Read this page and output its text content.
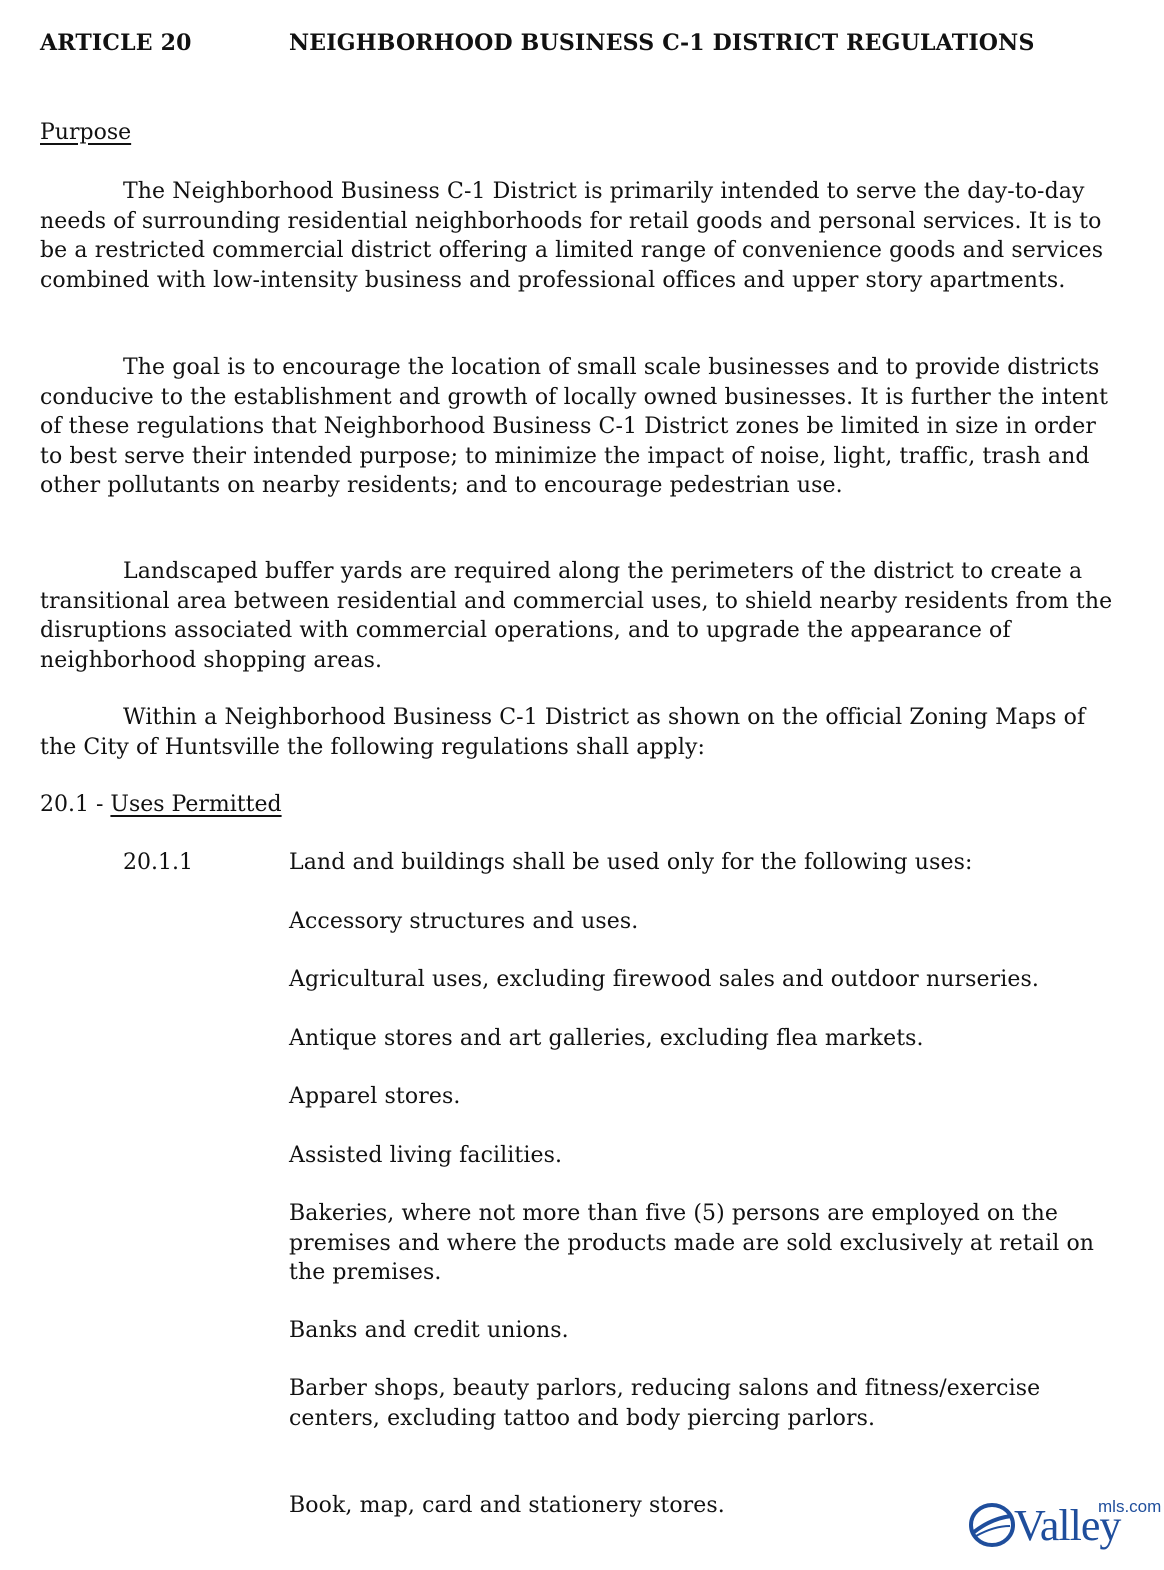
ARTICLE 20	NEIGHBORHOOD BUSINESS C-1 DISTRICT REGULATIONS
Purpose

The Neighborhood Business C-1 District is primarily intended to serve the day-to-day needs of surrounding residential neighborhoods for retail goods and personal services. It is to be a restricted commercial district offering a limited range of convenience goods and services combined with low-intensity business and professional offices and upper story apartments.

The goal is to encourage the location of small scale businesses and to provide districts conducive to the establishment and growth of locally owned businesses. It is further the intent of these regulations that Neighborhood Business C-1 District zones be limited in size in order to best serve their intended purpose; to minimize the impact of noise, light, traffic, trash and other pollutants on nearby residents; and to encourage pedestrian use.

Landscaped buffer yards are required along the perimeters of the district to create a transitional area between residential and commercial uses, to shield nearby residents from the disruptions associated with commercial operations, and to upgrade the appearance of neighborhood shopping areas.

Within a Neighborhood Business C-1 District as shown on the official Zoning Maps of the City of Huntsville the following regulations shall apply:

20.1 - Uses Permitted
20.1.1	Land and buildings shall be used only for the following uses:
Accessory structures and uses.
Agricultural uses, excluding firewood sales and outdoor nurseries.
Antique stores and art galleries, excluding flea markets.
Apparel stores.
Assisted living facilities.
Bakeries, where not more than five (5) persons are employed on the premises and where the products made are sold exclusively at retail on the premises.
Banks and credit unions.
Barber shops, beauty parlors, reducing salons and fitness/exercise centers, excluding tattoo and body piercing parlors.
Book, map, card and stationery stores.	Valley
mls.com
